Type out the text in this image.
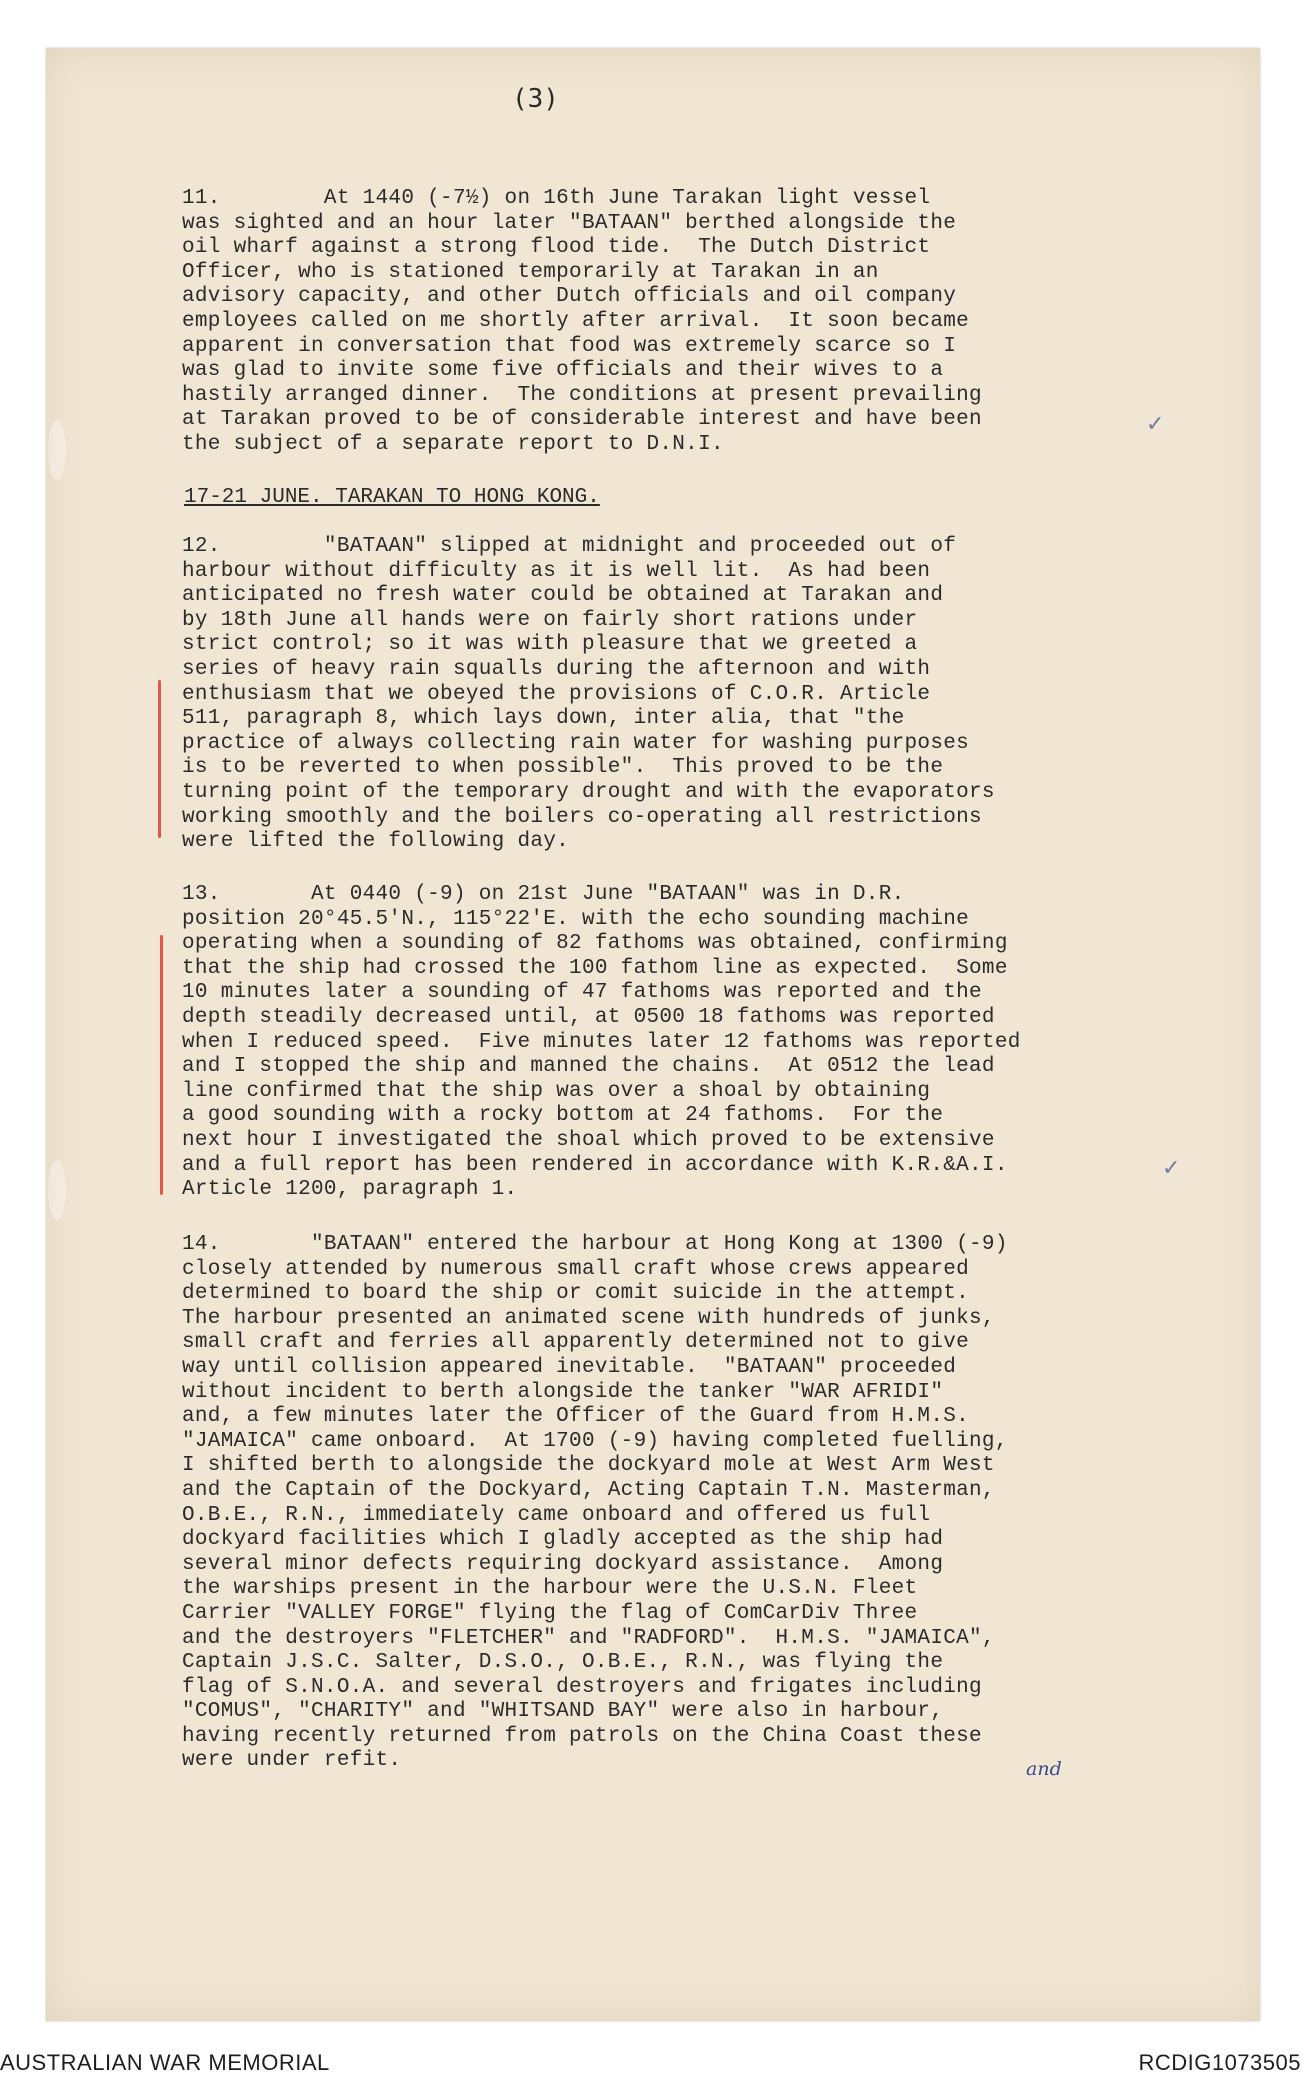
(3)
11.        At 1440 (-7½) on 16th June Tarakan light vessel
was sighted and an hour later "BATAAN" berthed alongside the
oil wharf against a strong flood tide.  The Dutch District
Officer, who is stationed temporarily at Tarakan in an
advisory capacity, and other Dutch officials and oil company
employees called on me shortly after arrival.  It soon became
apparent in conversation that food was extremely scarce so I
was glad to invite some five officials and their wives to a
hastily arranged dinner.  The conditions at present prevailing
at Tarakan proved to be of considerable interest and have been
the subject of a separate report to D.N.I.
17-21 JUNE. TARAKAN TO HONG KONG.
12.        "BATAAN" slipped at midnight and proceeded out of
harbour without difficulty as it is well lit.  As had been
anticipated no fresh water could be obtained at Tarakan and
by 18th June all hands were on fairly short rations under
strict control; so it was with pleasure that we greeted a
series of heavy rain squalls during the afternoon and with
enthusiasm that we obeyed the provisions of C.O.R. Article
511, paragraph 8, which lays down, inter alia, that "the
practice of always collecting rain water for washing purposes
is to be reverted to when possible".  This proved to be the
turning point of the temporary drought and with the evaporators
working smoothly and the boilers co-operating all restrictions
were lifted the following day.
13.       At 0440 (-9) on 21st June "BATAAN" was in D.R.
position 20°45.5'N., 115°22'E. with the echo sounding machine
operating when a sounding of 82 fathoms was obtained, confirming
that the ship had crossed the 100 fathom line as expected.  Some
10 minutes later a sounding of 47 fathoms was reported and the
depth steadily decreased until, at 0500 18 fathoms was reported
when I reduced speed.  Five minutes later 12 fathoms was reported
and I stopped the ship and manned the chains.  At 0512 the lead
line confirmed that the ship was over a shoal by obtaining
a good sounding with a rocky bottom at 24 fathoms.  For the
next hour I investigated the shoal which proved to be extensive
and a full report has been rendered in accordance with K.R.&A.I.
Article 1200, paragraph 1.
14.       "BATAAN" entered the harbour at Hong Kong at 1300 (-9)
closely attended by numerous small craft whose crews appeared
determined to board the ship or comit suicide in the attempt.
The harbour presented an animated scene with hundreds of junks,
small craft and ferries all apparently determined not to give
way until collision appeared inevitable.  "BATAAN" proceeded
without incident to berth alongside the tanker "WAR AFRIDI"
and, a few minutes later the Officer of the Guard from H.M.S.
"JAMAICA" came onboard.  At 1700 (-9) having completed fuelling,
I shifted berth to alongside the dockyard mole at West Arm West
and the Captain of the Dockyard, Acting Captain T.N. Masterman,
O.B.E., R.N., immediately came onboard and offered us full
dockyard facilities which I gladly accepted as the ship had
several minor defects requiring dockyard assistance.  Among
the warships present in the harbour were the U.S.N. Fleet
Carrier "VALLEY FORGE" flying the flag of ComCarDiv Three
and the destroyers "FLETCHER" and "RADFORD".  H.M.S. "JAMAICA",
Captain J.S.C. Salter, D.S.O., O.B.E., R.N., was flying the
flag of S.N.O.A. and several destroyers and frigates including
"COMUS", "CHARITY" and "WHITSAND BAY" were also in harbour,
having recently returned from patrols on the China Coast these
were under refit.
✓
✓
and
AUSTRALIAN WAR MEMORIAL	RCDIG1073505
